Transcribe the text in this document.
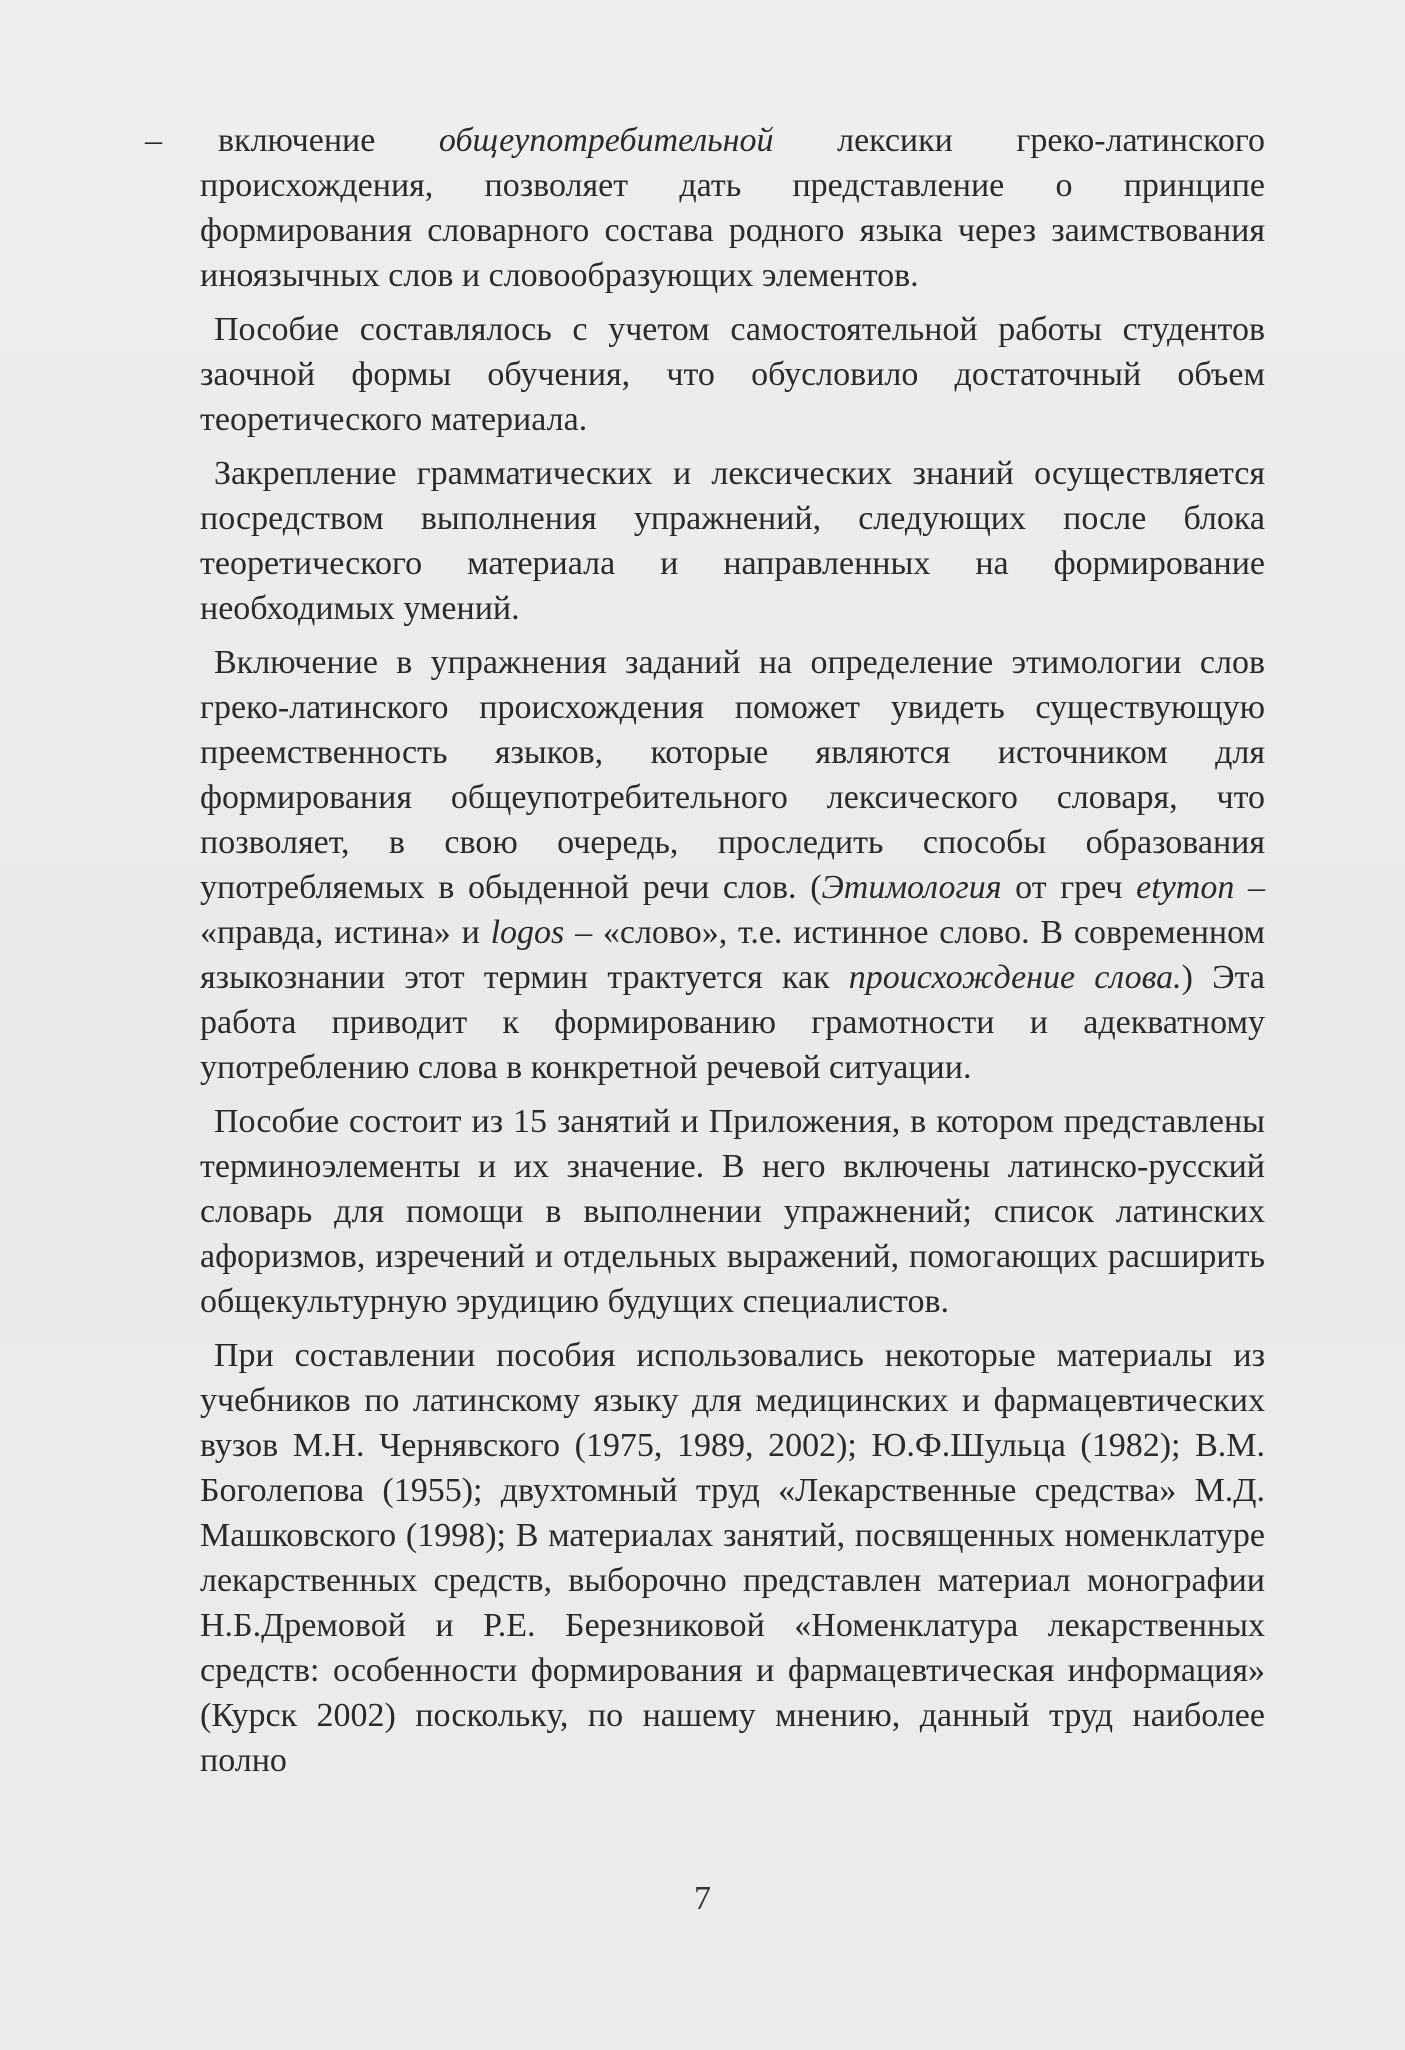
–	включение общеупотребительной лексики греко-латинского происхождения, позволяет дать представление о принципе формирования словарного состава родного языка через заимствования иноязычных слов и словообразующих элементов.

Пособие составлялось с учетом самостоятельной работы студентов заочной формы обучения, что обусловило достаточный объем теоретического материала.

Закрепление грамматических и лексических знаний осуществляется посредством выполнения упражнений, следующих после блока теоретического материала и направленных на формирование необходимых умений.

Включение в упражнения заданий на определение этимологии слов греко-латинского происхождения поможет увидеть существующую преемственность языков, которые являются источником для формирования общеупотребительного лексического словаря, что позволяет, в свою очередь, проследить способы образования употребляемых в обыденной речи слов. (Этимология от греч etymon – «правда, истина» и logos – «слово», т.е. истинное слово. В современном языкознании этот термин трактуется как происхождение слова.) Эта работа приводит к формированию грамотности и адекватному употреблению слова в конкретной речевой ситуации.

Пособие состоит из 15 занятий и Приложения, в котором представлены терминоэлементы и их значение. В него включены латинско-русский словарь для помощи в выполнении упражнений; список латинских афоризмов, изречений и отдельных выражений, помогающих расширить общекультурную эрудицию будущих специалистов.

При составлении пособия использовались некоторые материалы из учебников по латинскому языку для медицинских и фармацевтических вузов М.Н. Чернявского (1975, 1989, 2002); Ю.Ф.Шульца (1982); В.М. Боголепова (1955); двухтомный труд «Лекарственные средства» М.Д. Машковского (1998); В материалах занятий, посвященных номенклатуре лекарственных средств, выборочно представлен материал монографии Н.Б.Дремовой и Р.Е. Березниковой «Номенклатура лекарственных средств: особенности формирования и фармацевтическая информация» (Курск 2002) поскольку, по нашему мнению, данный труд наиболее полно

7
